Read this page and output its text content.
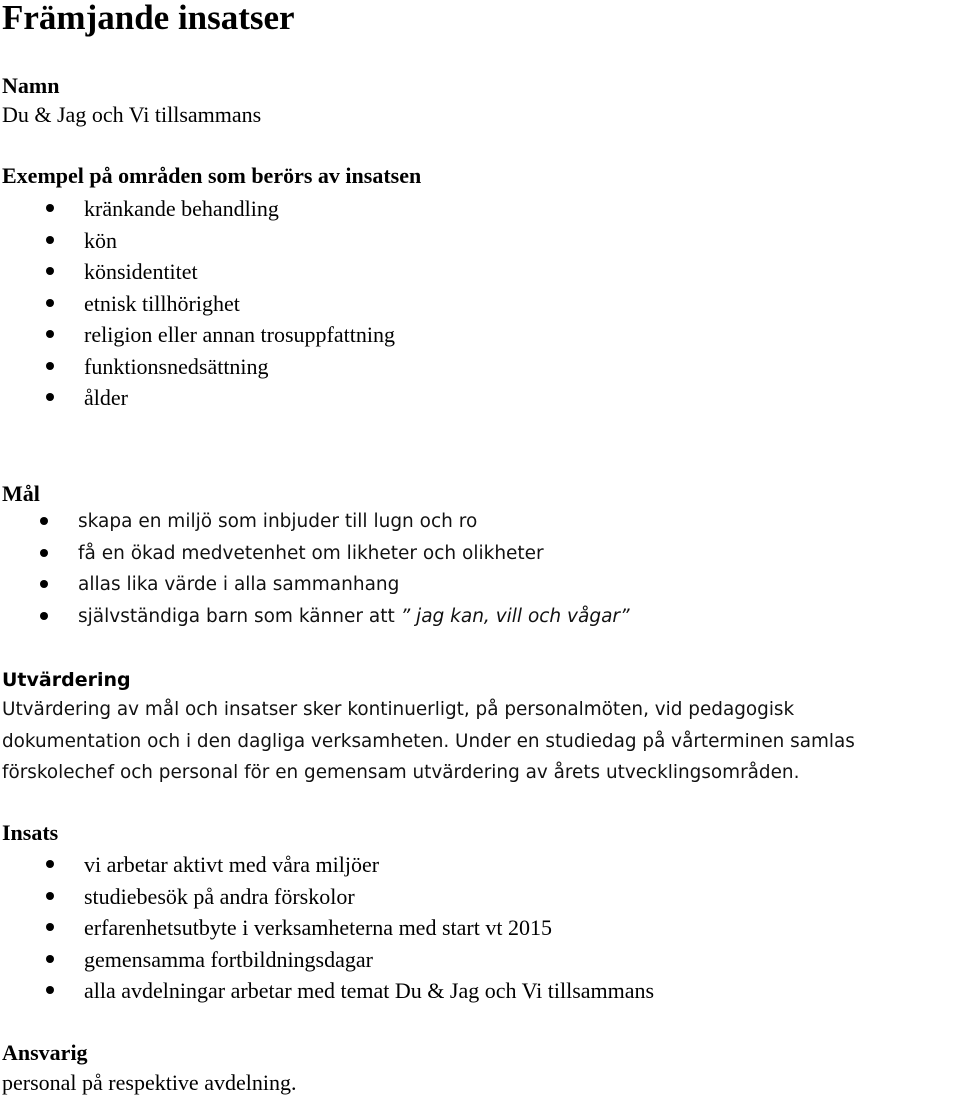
Främjande insatser
Namn
Du & Jag och Vi tillsammans
Exempel på områden som berörs av insatsen
kränkande behandling
kön
könsidentitet
etnisk tillhörighet
religion eller annan trosuppfattning
funktionsnedsättning
ålder
Mål
skapa en miljö som inbjuder till lugn och ro
få en ökad medvetenhet om likheter och olikheter
allas lika värde i alla sammanhang
självständiga barn som känner att ” jag kan, vill och vågar”
Utvärdering
Utvärdering av mål och insatser sker kontinuerligt, på personalmöten, vid pedagogisk
dokumentation och i den dagliga verksamheten. Under en studiedag på vårterminen samlas
förskolechef och personal för en gemensam utvärdering av årets utvecklingsområden.
Insats
vi arbetar aktivt med våra miljöer
studiebesök på andra förskolor
erfarenhetsutbyte i verksamheterna med start vt 2015
gemensamma fortbildningsdagar
alla avdelningar arbetar med temat Du & Jag och Vi tillsammans
Ansvarig
personal på respektive avdelning.
